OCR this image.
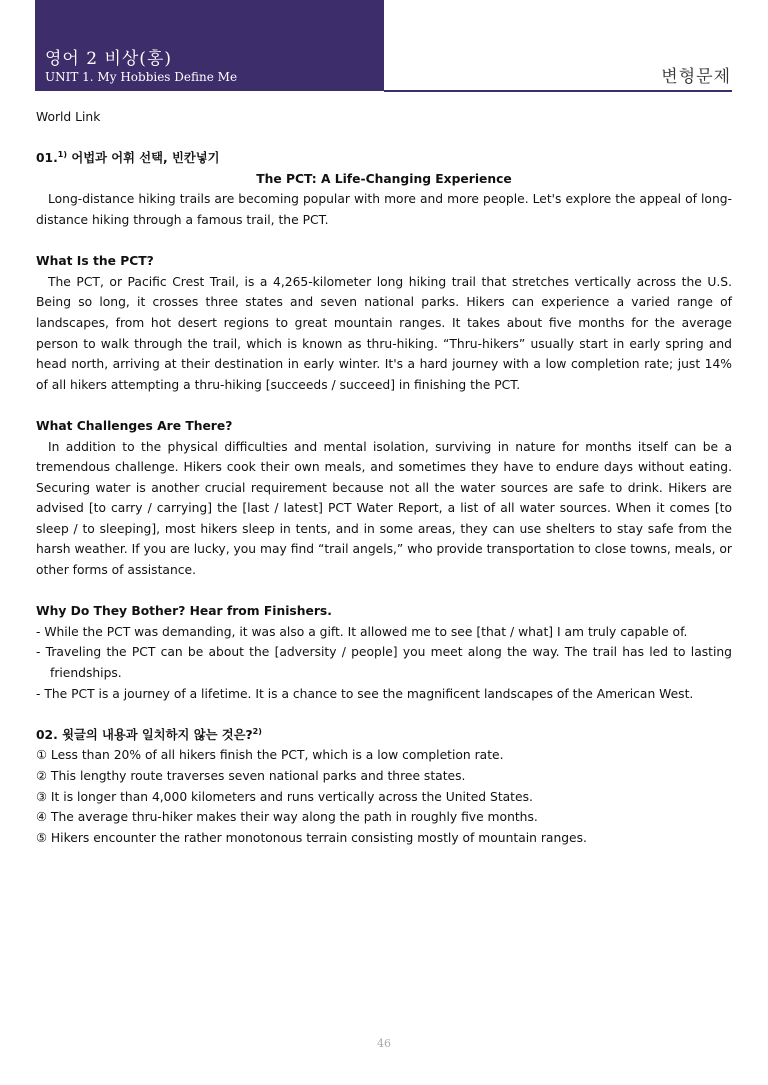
영어 2 비상(홍)
UNIT 1. My Hobbies Define Me	변형문제

World Link

01.$^{1)}$ 어법과 어휘 선택, 빈칸넣기

The PCT: A Life-Changing Experience

Long-distance hiking trails are becoming popular with more and more people. Let's explore the appeal of long-distance hiking through a famous trail, the PCT.

What Is the PCT?

The PCT, or Pacific Crest Trail, is a 4,265-kilometer long hiking trail that stretches vertically across the U.S. Being so long, it crosses three states and seven national parks. Hikers can experience a varied range of landscapes, from hot desert regions to great mountain ranges. It takes about five months for the average person to walk through the trail, which is known as thru-hiking. “Thru-hikers” usually start in early spring and head north, arriving at their destination in early winter. It's a hard journey with a low completion rate; just 14% of all hikers attempting a thru-hiking [succeeds / succeed] in finishing the PCT.

What Challenges Are There?

In addition to the physical difficulties and mental isolation, surviving in nature for months itself can be a tremendous challenge. Hikers cook their own meals, and sometimes they have to endure days without eating. Securing water is another crucial requirement because not all the water sources are safe to drink. Hikers are advised [to carry / carrying] the [last / latest] PCT Water Report, a list of all water sources. When it comes [to sleep / to sleeping], most hikers sleep in tents, and in some areas, they can use shelters to stay safe from the harsh weather. If you are lucky, you may find “trail angels,” who provide transportation to close towns, meals, or other forms of assistance.

Why Do They Bother? Hear from Finishers.

- While the PCT was demanding, it was also a gift. It allowed me to see [that / what] I am truly capable of.

- Traveling the PCT can be about the [adversity / people] you meet along the way. The trail has led to lasting friendships.

- The PCT is a journey of a lifetime. It is a chance to see the magnificent landscapes of the American West.

02. 윗글의 내용과 일치하지 않는 것은?$^{2)}$

① Less than 20% of all hikers finish the PCT, which is a low completion rate.

② This lengthy route traverses seven national parks and three states.

③ It is longer than 4,000 kilometers and runs vertically across the United States.

④ The average thru-hiker makes their way along the path in roughly five months.

⑤ Hikers encounter the rather monotonous terrain consisting mostly of mountain ranges.

46
